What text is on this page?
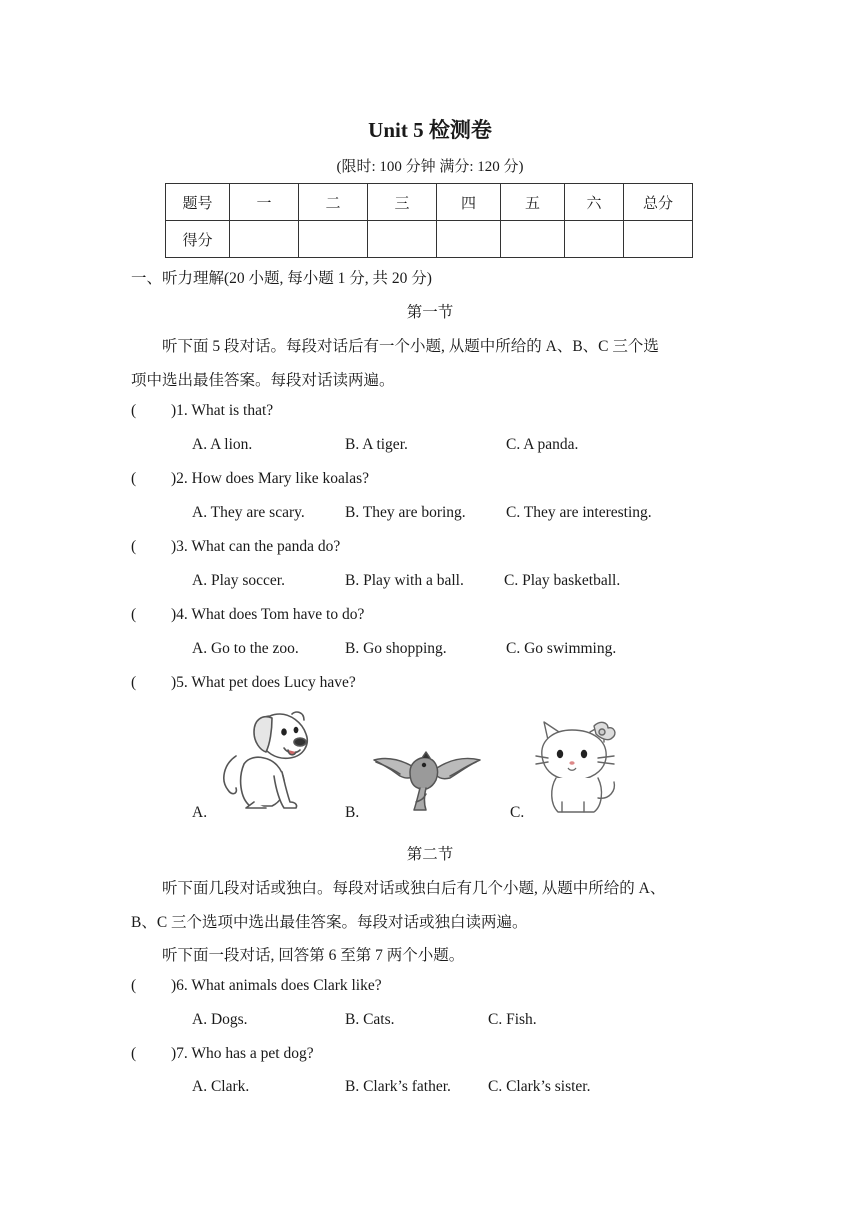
Unit 5 检测卷
(限时: 100 分钟 满分: 120 分)
题号	一	二	三	四	五	六	总分
得分							
一、听力理解(20 小题, 每小题 1 分, 共 20 分)
第一节
听下面 5 段对话。每段对话后有一个小题, 从题中所给的 A、B、C 三个选
项中选出最佳答案。每段对话读两遍。
( )1. What is that?
A. A lion.	B. A tiger.	C. A panda.
( )2. How does Mary like koalas?
A. They are scary.	B. They are boring.	C. They are interesting.
( )3. What can the panda do?
A. Play soccer.	B. Play with a ball.	C. Play basketball.
( )4. What does Tom have to do?
A. Go to the zoo.	B. Go shopping.	C. Go swimming.
( )5. What pet does Lucy have?
A.	B.	C.
第二节
听下面几段对话或独白。每段对话或独白后有几个小题, 从题中所给的 A、
B、C 三个选项中选出最佳答案。每段对话或独白读两遍。
听下面一段对话, 回答第 6 至第 7 两个小题。
( )6. What animals does Clark like?
A. Dogs.	B. Cats.	C. Fish.
( )7. Who has a pet dog?
A. Clark.	B. Clark’s father. C. Clark’s sister.
